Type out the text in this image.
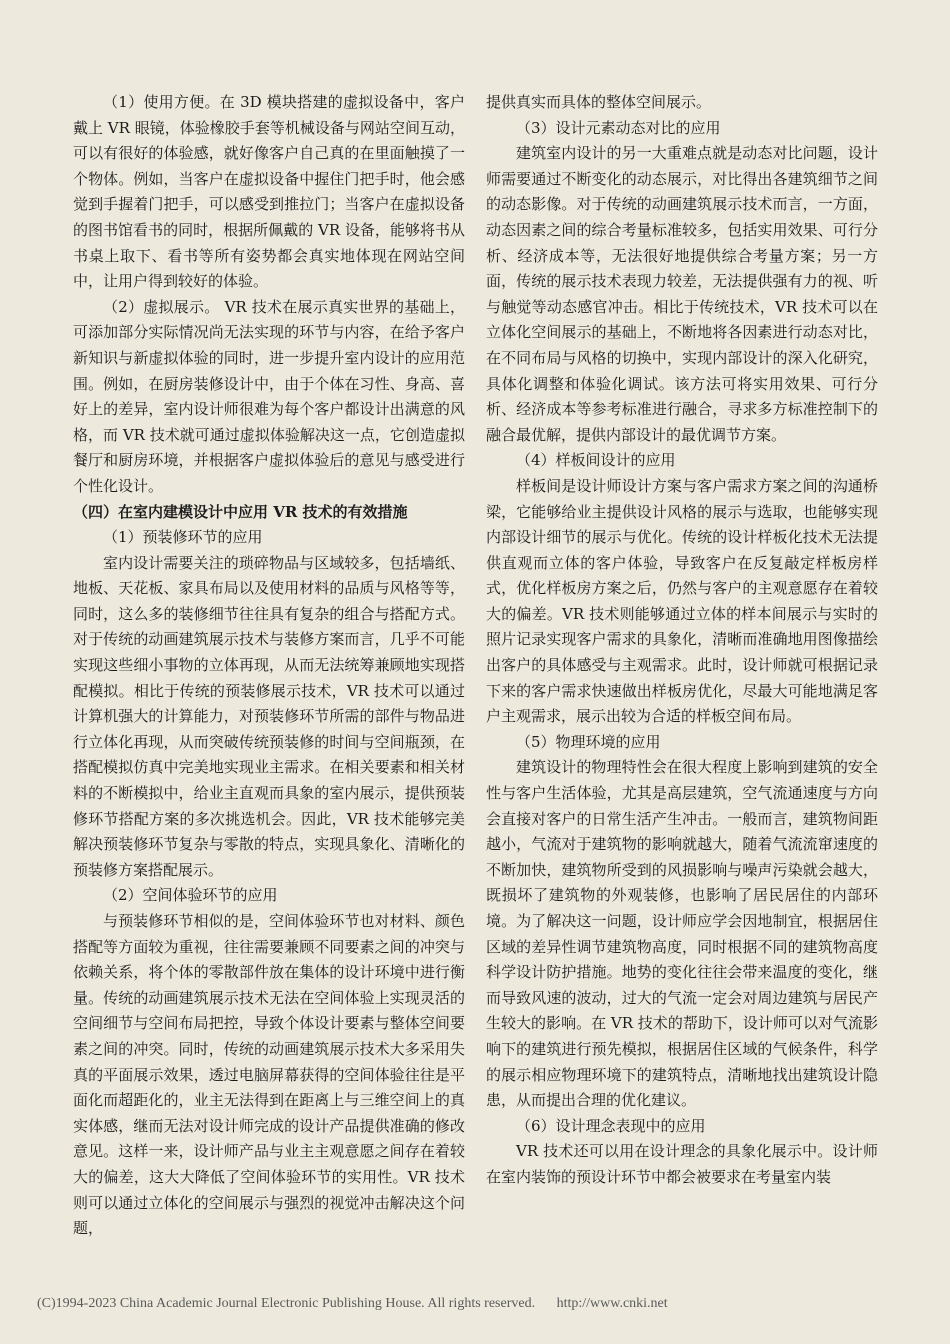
（1）使用方便。在 3D 模块搭建的虚拟设备中，客户戴上 VR 眼镜，体验橡胶手套等机械设备与网站空间互动，可以有很好的体验感，就好像客户自己真的在里面触摸了一个物体。例如，当客户在虚拟设备中握住门把手时，他会感觉到手握着门把手，可以感受到推拉门；当客户在虚拟设备的图书馆看书的同时，根据所佩戴的 VR 设备，能够将书从书桌上取下、看书等所有姿势都会真实地体现在网站空间中，让用户得到较好的体验。

（2）虚拟展示。 VR 技术在展示真实世界的基础上，可添加部分实际情况尚无法实现的环节与内容，在给予客户新知识与新虚拟体验的同时，进一步提升室内设计的应用范围。例如，在厨房装修设计中，由于个体在习性、身高、喜好上的差异，室内设计师很难为每个客户都设计出满意的风格，而 VR 技术就可通过虚拟体验解决这一点，它创造虚拟餐厅和厨房环境，并根据客户虚拟体验后的意见与感受进行个性化设计。

（四）在室内建模设计中应用 VR 技术的有效措施
（1）预装修环节的应用

室内设计需要关注的琐碎物品与区域较多，包括墙纸、地板、天花板、家具布局以及使用材料的品质与风格等等，同时，这么多的装修细节往往具有复杂的组合与搭配方式。对于传统的动画建筑展示技术与装修方案而言，几乎不可能实现这些细小事物的立体再现，从而无法统筹兼顾地实现搭配模拟。相比于传统的预装修展示技术，VR 技术可以通过计算机强大的计算能力，对预装修环节所需的部件与物品进行立体化再现，从而突破传统预装修的时间与空间瓶颈，在搭配模拟仿真中完美地实现业主需求。在相关要素和相关材料的不断模拟中，给业主直观而具象的室内展示，提供预装修环节搭配方案的多次挑选机会。因此，VR 技术能够完美解决预装修环节复杂与零散的特点，实现具象化、清晰化的预装修方案搭配展示。

（2）空间体验环节的应用

与预装修环节相似的是，空间体验环节也对材料、颜色搭配等方面较为重视，往往需要兼顾不同要素之间的冲突与依赖关系，将个体的零散部件放在集体的设计环境中进行衡量。传统的动画建筑展示技术无法在空间体验上实现灵活的空间细节与空间布局把控，导致个体设计要素与整体空间要素之间的冲突。同时，传统的动画建筑展示技术大多采用失真的平面展示效果，透过电脑屏幕获得的空间体验往往是平面化而超距化的，业主无法得到在距离上与三维空间上的真实体感，继而无法对设计师完成的设计产品提供准确的修改意见。这样一来，设计师产品与业主主观意愿之间存在着较大的偏差，这大大降低了空间体验环节的实用性。VR 技术则可以通过立体化的空间展示与强烈的视觉冲击解决这个问题，

提供真实而具体的整体空间展示。

（3）设计元素动态对比的应用

建筑室内设计的另一大重难点就是动态对比问题，设计师需要通过不断变化的动态展示，对比得出各建筑细节之间的动态影像。对于传统的动画建筑展示技术而言，一方面，动态因素之间的综合考量标准较多，包括实用效果、可行分析、经济成本等，无法很好地提供综合考量方案；另一方面，传统的展示技术表现力较差，无法提供强有力的视、听与触觉等动态感官冲击。相比于传统技术，VR 技术可以在立体化空间展示的基础上，不断地将各因素进行动态对比，在不同布局与风格的切换中，实现内部设计的深入化研究，具体化调整和体验化调试。该方法可将实用效果、可行分析、经济成本等参考标准进行融合，寻求多方标准控制下的融合最优解，提供内部设计的最优调节方案。

（4）样板间设计的应用

样板间是设计师设计方案与客户需求方案之间的沟通桥梁，它能够给业主提供设计风格的展示与选取，也能够实现内部设计细节的展示与优化。传统的设计样板化技术无法提供直观而立体的客户体验，导致客户在反复敲定样板房样式，优化样板房方案之后，仍然与客户的主观意愿存在着较大的偏差。VR 技术则能够通过立体的样本间展示与实时的照片记录实现客户需求的具象化，清晰而准确地用图像描绘出客户的具体感受与主观需求。此时，设计师就可根据记录下来的客户需求快速做出样板房优化，尽最大可能地满足客户主观需求，展示出较为合适的样板空间布局。

（5）物理环境的应用

建筑设计的物理特性会在很大程度上影响到建筑的安全性与客户生活体验，尤其是高层建筑，空气流通速度与方向会直接对客户的日常生活产生冲击。一般而言，建筑物间距越小，气流对于建筑物的影响就越大，随着气流流窜速度的不断加快，建筑物所受到的风损影响与噪声污染就会越大，既损坏了建筑物的外观装修，也影响了居民居住的内部环境。为了解决这一问题，设计师应学会因地制宜，根据居住区域的差异性调节建筑物高度，同时根据不同的建筑物高度科学设计防护措施。地势的变化往往会带来温度的变化，继而导致风速的波动，过大的气流一定会对周边建筑与居民产生较大的影响。在 VR 技术的帮助下，设计师可以对气流影响下的建筑进行预先模拟，根据居住区域的气候条件，科学的展示相应物理环境下的建筑特点，清晰地找出建筑设计隐患，从而提出合理的优化建议。

（6）设计理念表现中的应用

VR 技术还可以用在设计理念的具象化展示中。设计师在室内装饰的预设计环节中都会被要求在考量室内装

(C)1994-2023 China Academic Journal Electronic Publishing House. All rights reserved. http://www.cnki.net
